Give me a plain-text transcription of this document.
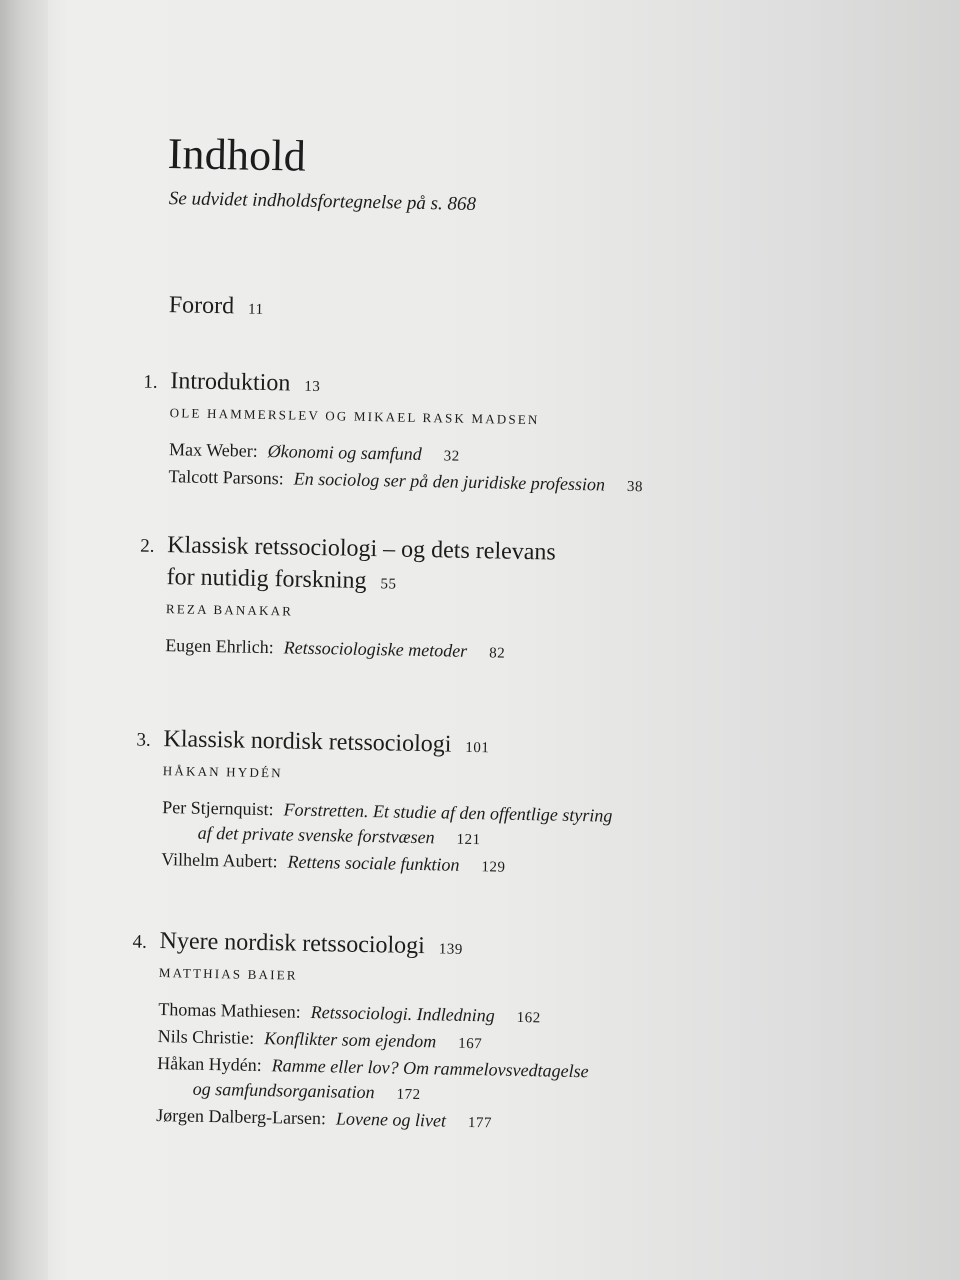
﻿
Indhold
Se udvidet indholdsfortegnelse på s. 868
Forord 11
1. Introduktion 13
OLE HAMMERSLEV OG MIKAEL RASK MADSEN
Max Weber: Økonomi og samfund 32
Talcott Parsons: En sociolog ser på den juridiske profession 38
2. Klassisk retssociologi – og dets relevans
for nutidig forskning 55
REZA BANAKAR
Eugen Ehrlich: Retssociologiske metoder 82
3. Klassisk nordisk retssociologi 101
HÅKAN HYDÉN
Per Stjernquist: Forstretten. Et studie af den offentlige styring
af det private svenske forstvæsen 121
Vilhelm Aubert: Rettens sociale funktion 129
4. Nyere nordisk retssociologi 139
MATTHIAS BAIER
Thomas Mathiesen: Retssociologi. Indledning 162
Nils Christie: Konflikter som ejendom 167
Håkan Hydén: Ramme eller lov? Om rammelovsvedtagelse
og samfundsorganisation 172
Jørgen Dalberg-Larsen: Lovene og livet 177
